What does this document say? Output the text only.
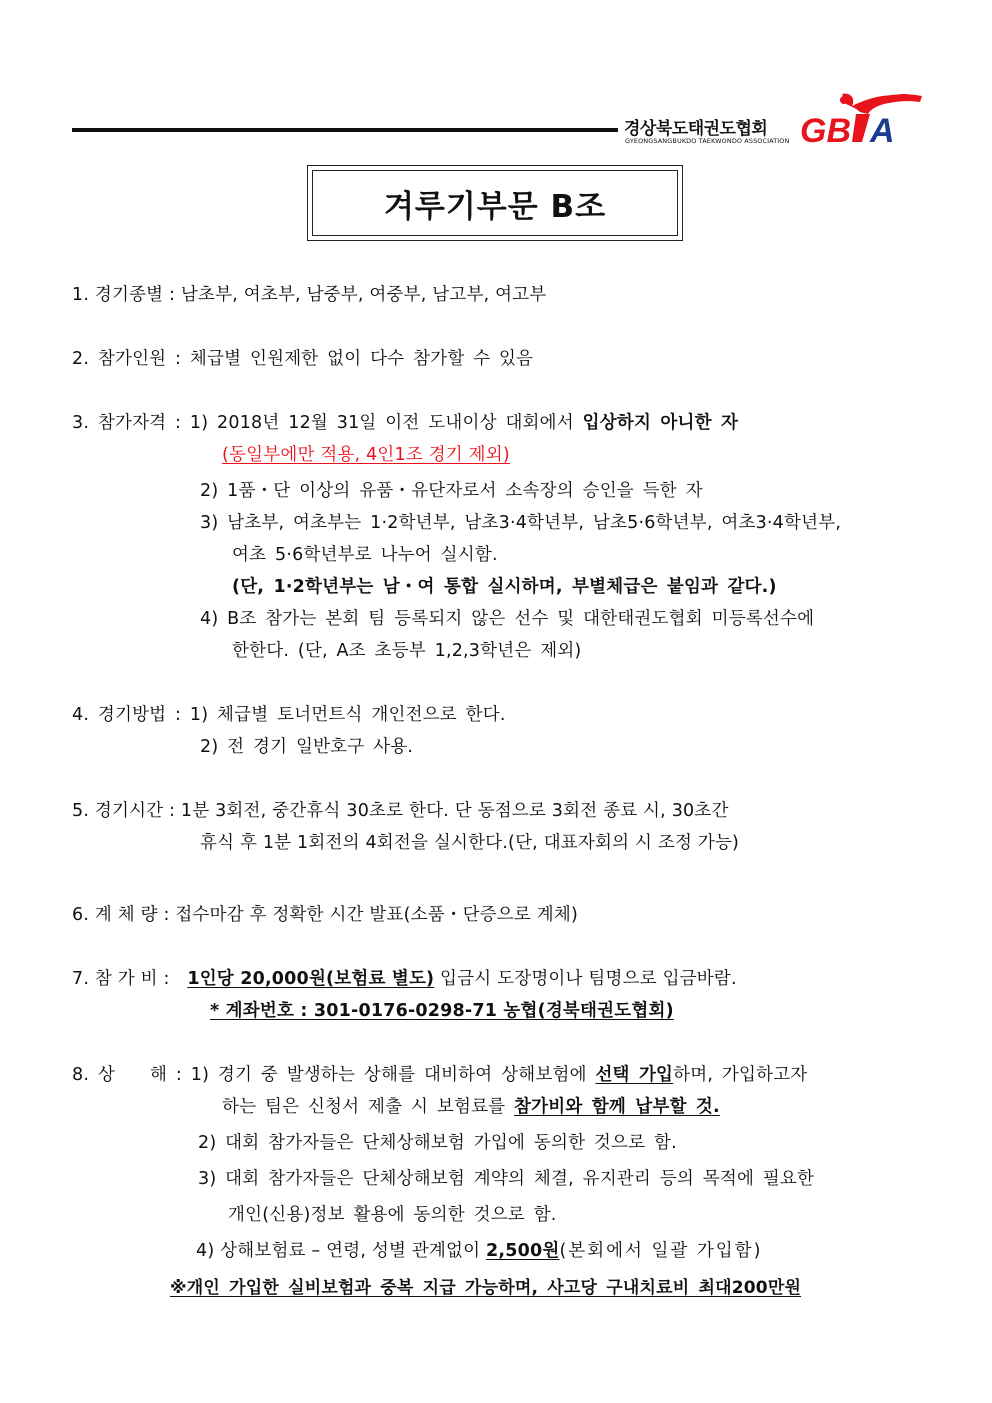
경상북도태권도협회
GYEONGSANGBUKDO TAEKWONDO ASSOCIATION GB A
겨루기부문 B조
1. 경기종별 : 남초부, 여초부, 남중부, 여중부, 남고부, 여고부
2. 참가인원 : 체급별 인원제한 없이 다수 참가할 수 있음
3. 참가자격 : 1) 2018년 12월 31일 이전 도내이상 대회에서 입상하지 아니한 자
(동일부에만 적용, 4인1조 경기 제외)
2) 1품・단 이상의 유품・유단자로서 소속장의 승인을 득한 자
3) 남초부, 여초부는 1·2학년부, 남초3·4학년부, 남초5·6학년부, 여초3·4학년부,
여초 5·6학년부로 나누어 실시함.
(단, 1·2학년부는 남・여 통합 실시하며, 부별체급은 붙임과 같다.)
4) B조 참가는 본회 팀 등록되지 않은 선수 및 대한태권도협회 미등록선수에
한한다. (단, A조 초등부 1,2,3학년은 제외)
4. 경기방법 : 1) 체급별 토너먼트식 개인전으로 한다.
2) 전 경기 일반호구 사용.
5. 경기시간 : 1분 3회전, 중간휴식 30초로 한다. 단 동점으로 3회전 종료 시, 30초간
휴식 후 1분 1회전의 4회전을 실시한다.(단, 대표자회의 시 조정 가능)
6. 계 체 량 : 접수마감 후 정확한 시간 발표(소품・단증으로 계체)
7. 참 가 비 : 1인당 20,000원(보험료 별도) 입금시 도장명이나 팀명으로 입금바람.
* 계좌번호 : 301-0176-0298-71 농협(경북태권도협회)
8. 상    해 : 1) 경기 중 발생하는 상해를 대비하여 상해보험에 선택 가입하며, 가입하고자
하는 팀은 신청서 제출 시 보험료를 참가비와 함께 납부할 것.
2) 대회 참가자들은 단체상해보험 가입에 동의한 것으로 함.
3) 대회 참가자들은 단체상해보험 계약의 체결, 유지관리 등의 목적에 필요한
개인(신용)정보 활용에 동의한 것으로 함.
4) 상해보험료 – 연령, 성별 관계없이 2,500원(본회에서 일괄 가입함)
※개인 가입한 실비보험과 중복 지급 가능하며, 사고당 구내치료비 최대200만원
